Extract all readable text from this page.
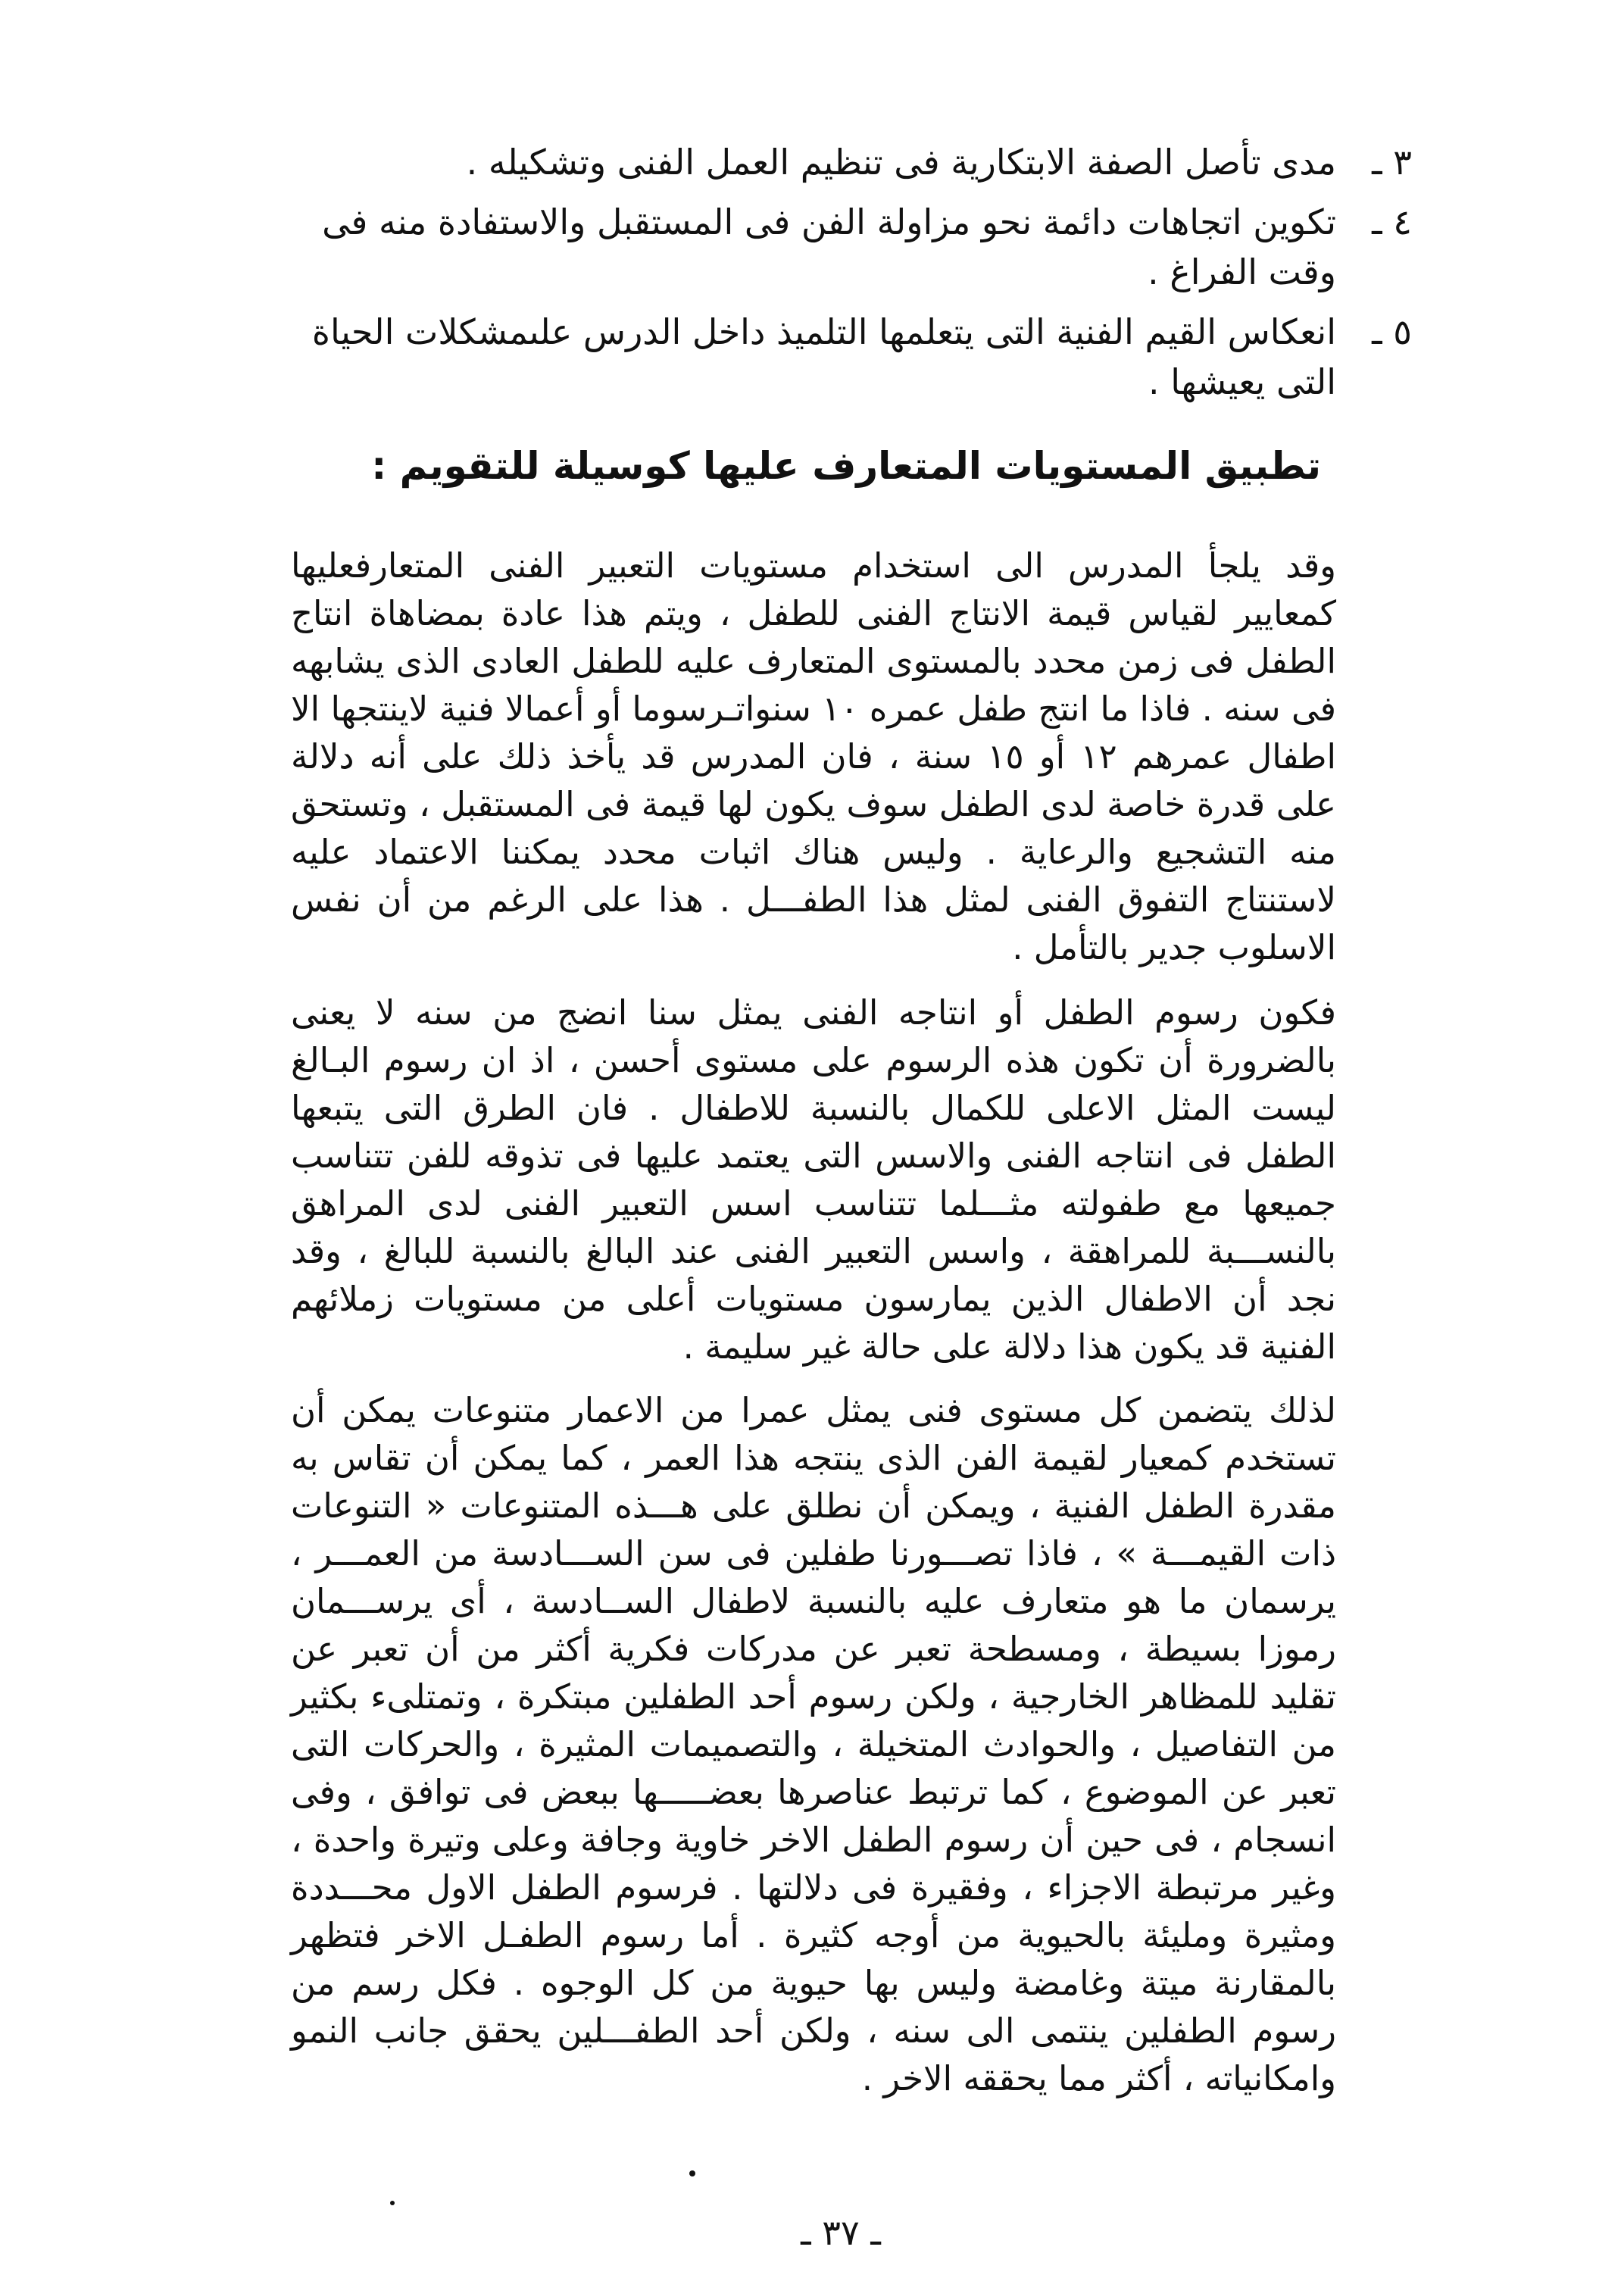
٣ ـ
مدى تأصل الصفة الابتكارية فى تنظيم العمل الفنى وتشكيله .
٤ ـ
تكوين اتجاهات دائمة نحو مزاولة الفن فى المستقبل والاستفادة منه فى وقت الفراغ .
٥ ـ
انعكاس القيم الفنية التى يتعلمها التلميذ داخل الدرس علىمشكلات الحياة التى يعيشها .
تطبيق المستويات المتعارف عليها كوسيلة للتقويم :
وقد يلجأ المدرس الى استخدام مستويات التعبير الفنى المتعارفعليها كمعايير لقياس قيمة الانتاج الفنى للطفل ، ويتم هذا عادة بمضاهاة انتاج الطفل فى زمن محدد بالمستوى المتعارف عليه للطفل العادى الذى يشابهه فى سنه . فاذا ما انتج طفل عمره ١٠ سنواتـرسوما أو أعمالا فنية لاينتجها الا اطفال عمرهم ١٢ أو ١٥ سنة ، فان المدرس قد يأخذ ذلك على أنه دلالة على قدرة خاصة لدى الطفل سوف يكون لها قيمة فى المستقبل ، وتستحق منه التشجيع والرعاية . وليس هناك اثبات محدد يمكننا الاعتماد عليه لاستنتاج التفوق الفنى لمثل هذا الطفـــل . هذا على الرغم من أن نفس الاسلوب جدير بالتأمل .
فكون رسوم الطفل أو انتاجه الفنى يمثل سنا انضج من سنه لا يعنى بالضرورة أن تكون هذه الرسوم على مستوى أحسن ، اذ ان رسوم البـالغ ليست المثل الاعلى للكمال بالنسبة للاطفال . فان الطرق التى يتبعها الطفل فى انتاجه الفنى والاسس التى يعتمد عليها فى تذوقه للفن تتناسب جميعها مع طفولته مثـــلما تتناسب اسس التعبير الفنى لدى المراهق بالنســـبة للمراهقة ، واسس التعبير الفنى عند البالغ بالنسبة للبالغ ، وقد نجد أن الاطفال الذين يمارسون مستويات أعلى من مستويات زملائهم الفنية قد يكون هذا دلالة على حالة غير سليمة .
لذلك يتضمن كل مستوى فنى يمثل عمرا من الاعمار متنوعات يمكن أن تستخدم كمعيار لقيمة الفن الذى ينتجه هذا العمر ، كما يمكن أن تقاس به مقدرة الطفل الفنية ، ويمكن أن نطلق على هـــذه المتنوعات « التنوعات ذات القيمـــة » ، فاذا تصـــورنا طفلين فى سن الســـادسة من العمـــر ، يرسمان ما هو متعارف عليه بالنسبة لاطفال الســادسة ، أى يرســـمان رموزا بسيطة ، ومسطحة تعبر عن مدركات فكرية أكثر من أن تعبر عن تقليد للمظاهر الخارجية ، ولكن رسوم أحد الطفلين مبتكرة ، وتمتلىء بكثير من التفاصيل ، والحوادث المتخيلة ، والتصميمات المثيرة ، والحركات التى تعبر عن الموضوع ، كما ترتبط عناصرها بعضـــــها ببعض فى توافق ، وفى انسجام ، فى حين أن رسوم الطفل الاخر خاوية وجافة وعلى وتيرة واحدة ، وغير مرتبطة الاجزاء ، وفقيرة فى دلالتها . فرسوم الطفل الاول محـــددة ومثيرة ومليئة بالحيوية من أوجه كثيرة . أما رسوم الطفـل الاخر فتظهر بالمقارنة ميتة وغامضة وليس بها حيوية من كل الوجوه . فكل رسم من رسوم الطفلين ينتمى الى سنه ، ولكن أحد الطفـــلين يحقق جانب النمو وامكانياته ، أكثر مما يحققه الاخر .
ـ ٣٧ ـ
